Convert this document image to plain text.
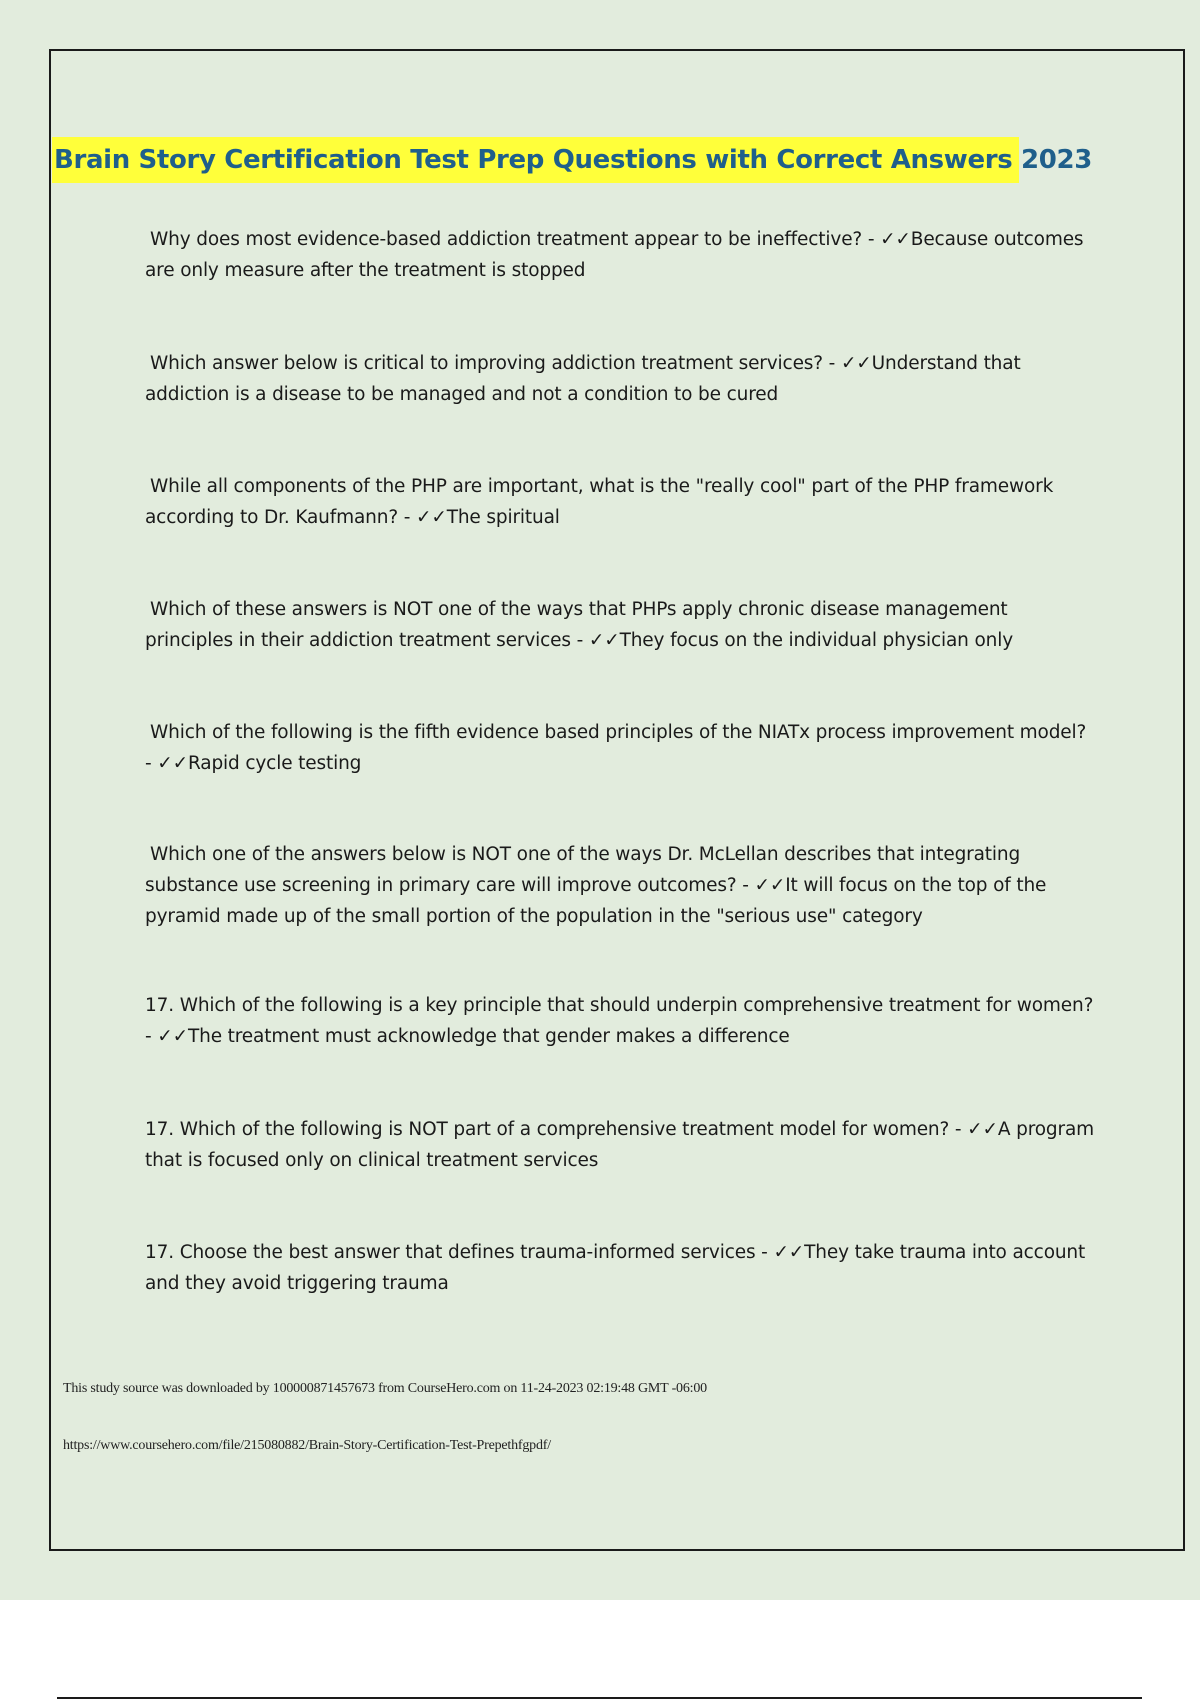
Brain Story Certification Test Prep Questions with Correct Answers 2023
Why does most evidence-based addiction treatment appear to be ineffective? - ✓✓Because outcomes are only measure after the treatment is stopped
Which answer below is critical to improving addiction treatment services? - ✓✓Understand that addiction is a disease to be managed and not a condition to be cured
While all components of the PHP are important, what is the "really cool" part of the PHP framework according to Dr. Kaufmann? - ✓✓The spiritual
Which of these answers is NOT one of the ways that PHPs apply chronic disease management principles in their addiction treatment services - ✓✓They focus on the individual physician only
Which of the following is the fifth evidence based principles of the NIATx process improvement model? - ✓✓Rapid cycle testing
Which one of the answers below is NOT one of the ways Dr. McLellan describes that integrating substance use screening in primary care will improve outcomes? - ✓✓It will focus on the top of the pyramid made up of the small portion of the population in the "serious use" category
17. Which of the following is a key principle that should underpin comprehensive treatment for women? - ✓✓The treatment must acknowledge that gender makes a difference
17. Which of the following is NOT part of a comprehensive treatment model for women? - ✓✓A program that is focused only on clinical treatment services
17. Choose the best answer that defines trauma-informed services - ✓✓They take trauma into account and they avoid triggering trauma
This study source was downloaded by 100000871457673 from CourseHero.com on 11-24-2023 02:19:48 GMT -06:00
https://www.coursehero.com/file/215080882/Brain-Story-Certification-Test-Prepethfgpdf/
